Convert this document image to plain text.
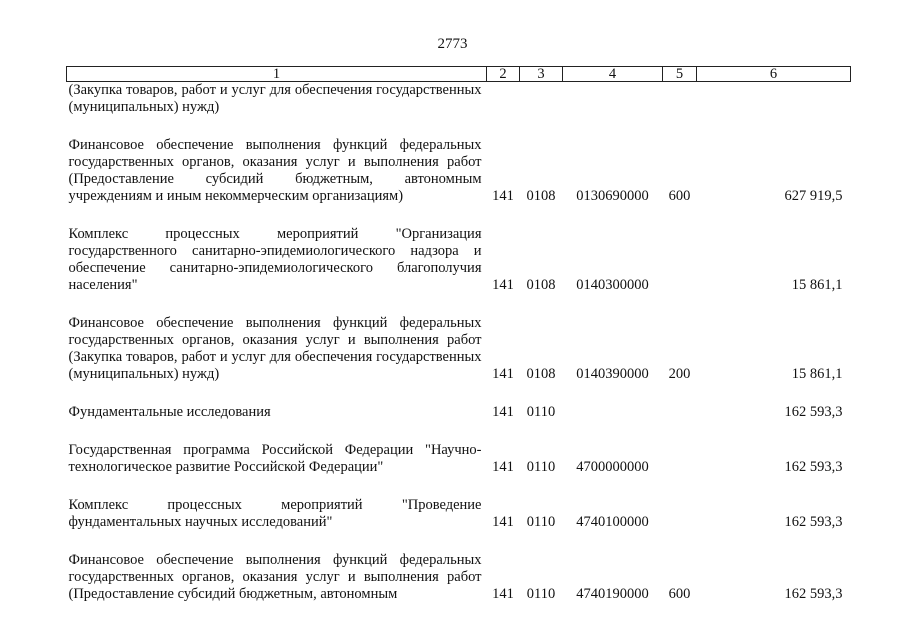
2773
1	2	3	4	5	6
(Закупка товаров, работ и услуг для обеспечения государственных (муниципальных) нужд)					

Финансовое обеспечение выполнения функций федеральных государственных органов, оказания услуг и выполнения работ (Предоставление субсидий бюджетным, автономным учреждениям и иным некоммерческим организациям)	141	0108	0130690000	600	627 919,5

Комплекс процессных мероприятий "Организация государственного санитарно-эпидемиологического надзора и обеспечение санитарно-эпидемиологического благополучия населения"	141	0108	0140300000		15 861,1

Финансовое обеспечение выполнения функций федеральных государственных органов, оказания услуг и выполнения работ (Закупка товаров, работ и услуг для обеспечения государственных (муниципальных) нужд)	141	0108	0140390000	200	15 861,1

Фундаментальные исследования	141	0110			162 593,3

Государственная программа Российской Федерации "Научно-технологическое развитие Российской Федерации"	141	0110	4700000000		162 593,3

Комплекс процессных мероприятий "Проведение фундаментальных научных исследований"	141	0110	4740100000		162 593,3

Финансовое обеспечение выполнения функций федеральных государственных органов, оказания услуг и выполнения работ (Предоставление субсидий бюджетным, автономным	141	0110	4740190000	600	162 593,3
